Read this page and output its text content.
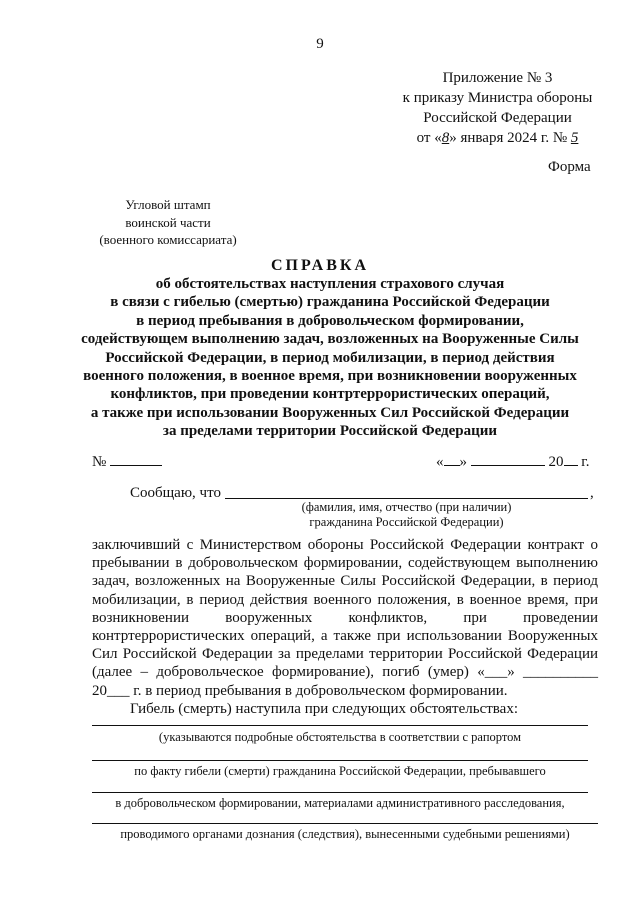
9
Приложение № 3
к приказу Министра обороны
Российской Федерации
от «8» января 2024 г. № 5
Форма
Угловой штамп
воинской части
(военного комиссариата)
СПРАВКА
об обстоятельствах наступления страхового случая
в связи с гибелью (смертью) гражданина Российской Федерации
в период пребывания в добровольческом формировании,
содействующем выполнению задач, возложенных на Вооруженные Силы
Российской Федерации, в период мобилизации, в период действия
военного положения, в военное время, при возникновении вооруженных
конфликтов, при проведении контртеррористических операций,
а также при использовании Вооруженных Сил Российской Федерации
за пределами территории Российской Федерации
№	« »	20 г.
Сообщаю, что	,
(фамилия, имя, отчество (при наличии)
гражданина Российской Федерации)

заключивший с Министерством обороны Российской Федерации контракт о пребывании в добровольческом формировании, содействующем выполнению задач, возложенных на Вооруженные Силы Российской Федерации, в период мобилизации, в период действия военного положения, в военное время, при возникновении вооруженных конфликтов, при проведении контртеррористических операций, а также при использовании Вооруженных Сил Российской Федерации за пределами территории Российской Федерации (далее – добровольческое формирование), погиб (умер) «___» __________ 20___ г. в период пребывания в добровольческом формировании.

Гибель (смерть) наступила при следующих обстоятельствах:

(указываются подробные обстоятельства в соответствии с рапортом
по факту гибели (смерти) гражданина Российской Федерации, пребывавшего
в добровольческом формировании, материалами административного расследования,
проводимого органами дознания (следствия), вынесенными судебными решениями)
